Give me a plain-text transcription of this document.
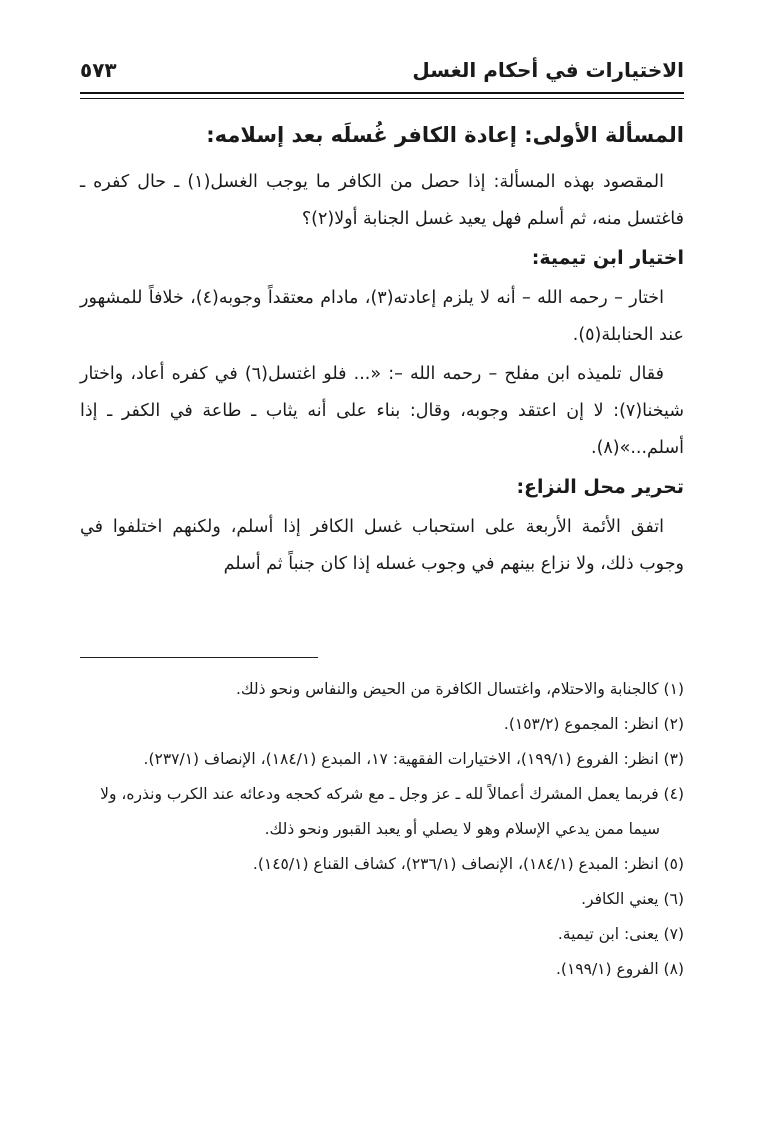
الاختيارات في أحكام الغسل
٥٧٣
المسألة الأولى: إعادة الكافر غُسلَه بعد إسلامه:

المقصود بهذه المسألة: إذا حصل من الكافر ما يوجب الغسل(١) ـ حال كفره ـ فاغتسل منه، ثم أسلم فهل يعيد غسل الجنابة أولا(٢)؟

اختيار ابن تيمية:

اختار – رحمه الله – أنه لا يلزم إعادته(٣)، مادام معتقداً وجوبه(٤)، خلافاً للمشهور عند الحنابلة(٥).

فقال تلميذه ابن مفلح – رحمه الله –: «... فلو اغتسل(٦) في كفره أعاد، واختار شيخنا(٧): لا إن اعتقد وجوبه، وقال: بناء على أنه يثاب ـ طاعة في الكفر ـ إذا أسلم...»(٨).

تحرير محل النزاع:

اتفق الأئمة الأربعة على استحباب غسل الكافر إذا أسلم، ولكنهم اختلفوا في وجوب ذلك، ولا نزاع بينهم في وجوب غسله إذا كان جنباً ثم أسلم

(١) كالجنابة والاحتلام، واغتسال الكافرة من الحيض والنفاس ونحو ذلك.

(٢) انظر: المجموع (١٥٣/٢).

(٣) انظر: الفروع (١٩٩/١)، الاختيارات الفقهية: ١٧، المبدع (١٨٤/١)، الإنصاف (٢٣٧/١).

(٤) فربما يعمل المشرك أعمالاً لله ـ عز وجل ـ مع شركه كحجه ودعائه عند الكرب ونذره، ولا

سيما ممن يدعي الإسلام وهو لا يصلي أو يعبد القبور ونحو ذلك.

(٥) انظر: المبدع (١٨٤/١)، الإنصاف (٢٣٦/١)، كشاف القناع (١٤٥/١).

(٦) يعني الكافر.

(٧) يعنى: ابن تيمية.

(٨) الفروع (١٩٩/١).
